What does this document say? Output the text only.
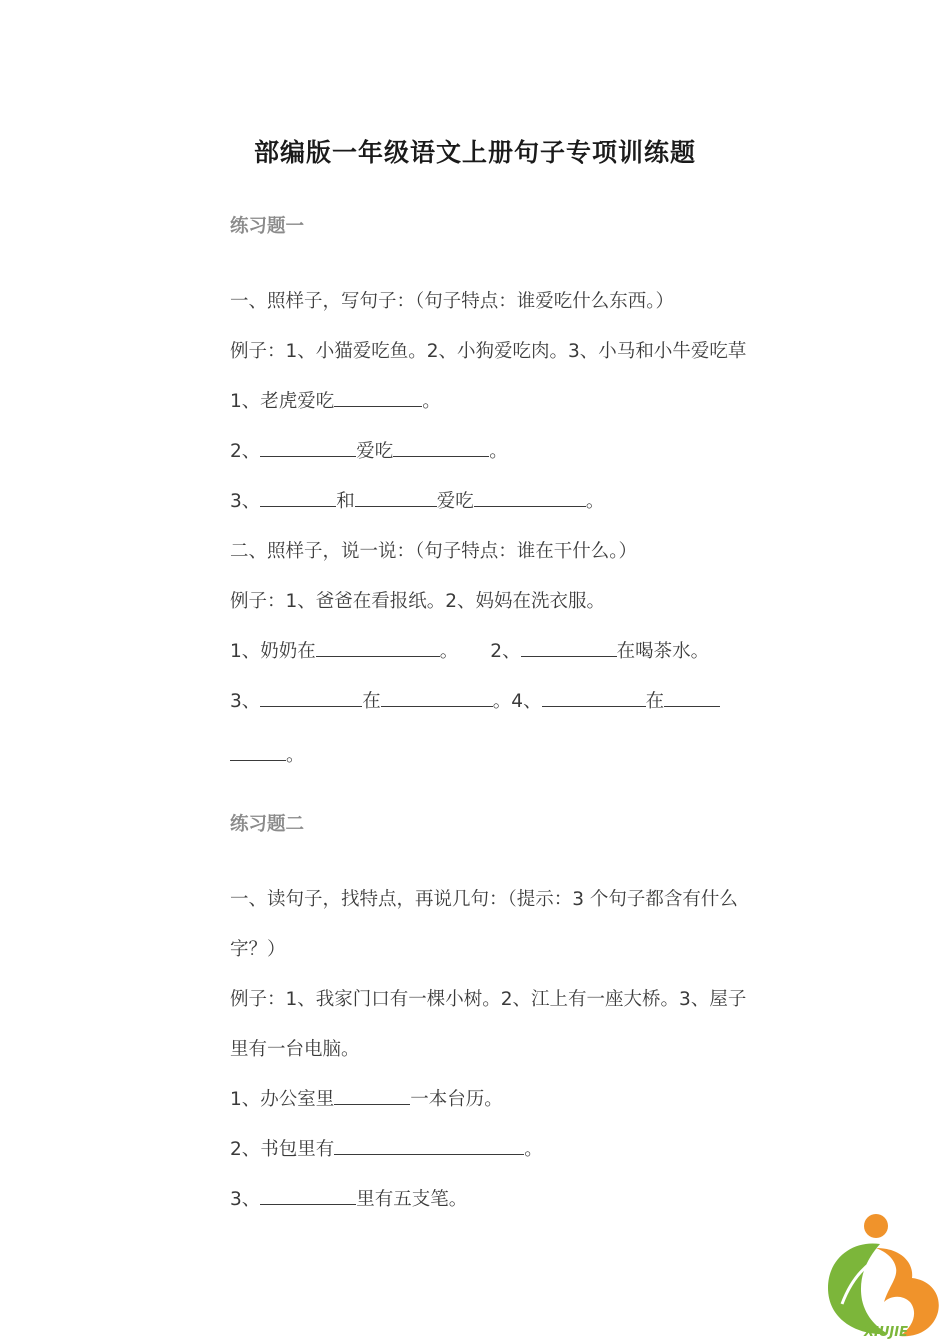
部编版一年级语文上册句子专项训练题
练习题一
一、照样子，写句子：（句子特点：谁爱吃什么东西。）
例子：1、小猫爱吃鱼。2、小狗爱吃肉。3、小马和小牛爱吃草
1、老虎爱吃	。
2、	爱吃	。
3、	和	爱吃	。
二、照样子，说一说：（句子特点：谁在干什么。）
例子：1、爸爸在看报纸。2、妈妈在洗衣服。
1、奶奶在	。 2、	在喝茶水。
3、	在	。4、	在
。
练习题二
一、读句子，找特点，再说几句：（提示：3 个句子都含有什么
字？）
例子：1、我家门口有一棵小树。2、江上有一座大桥。3、屋子
里有一台电脑。
1、办公室里	一本台历。
2、书包里有	。
3、	里有五支笔。
XIUJIE
